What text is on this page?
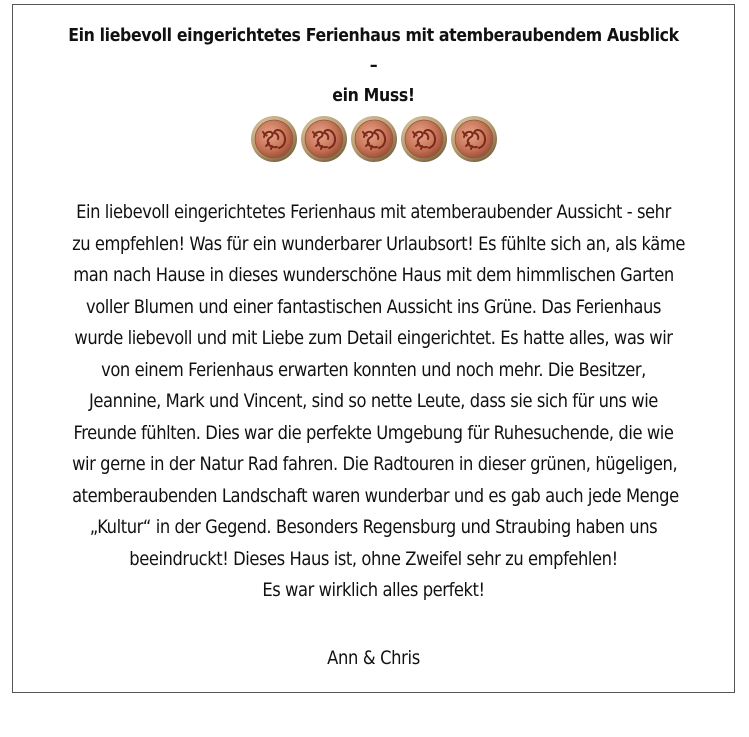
Ein liebevoll eingerichtetes Ferienhaus mit atemberaubendem Ausblick –
ein Muss!
Ein liebevoll eingerichtetes Ferienhaus mit atemberaubender Aussicht - sehr
zu empfehlen! Was für ein wunderbarer Urlaubsort! Es fühlte sich an, als käme
man nach Hause in dieses wunderschöne Haus mit dem himmlischen Garten
voller Blumen und einer fantastischen Aussicht ins Grüne. Das Ferienhaus
wurde liebevoll und mit Liebe zum Detail eingerichtet. Es hatte alles, was wir
von einem Ferienhaus erwarten konnten und noch mehr. Die Besitzer,
Jeannine, Mark und Vincent, sind so nette Leute, dass sie sich für uns wie
Freunde fühlten. Dies war die perfekte Umgebung für Ruhesuchende, die wie
wir gerne in der Natur Rad fahren. Die Radtouren in dieser grünen, hügeligen,
atemberaubenden Landschaft waren wunderbar und es gab auch jede Menge
„Kultur“ in der Gegend. Besonders Regensburg und Straubing haben uns
beeindruckt! Dieses Haus ist, ohne Zweifel sehr zu empfehlen!
Es war wirklich alles perfekt!
Ann & Chris
